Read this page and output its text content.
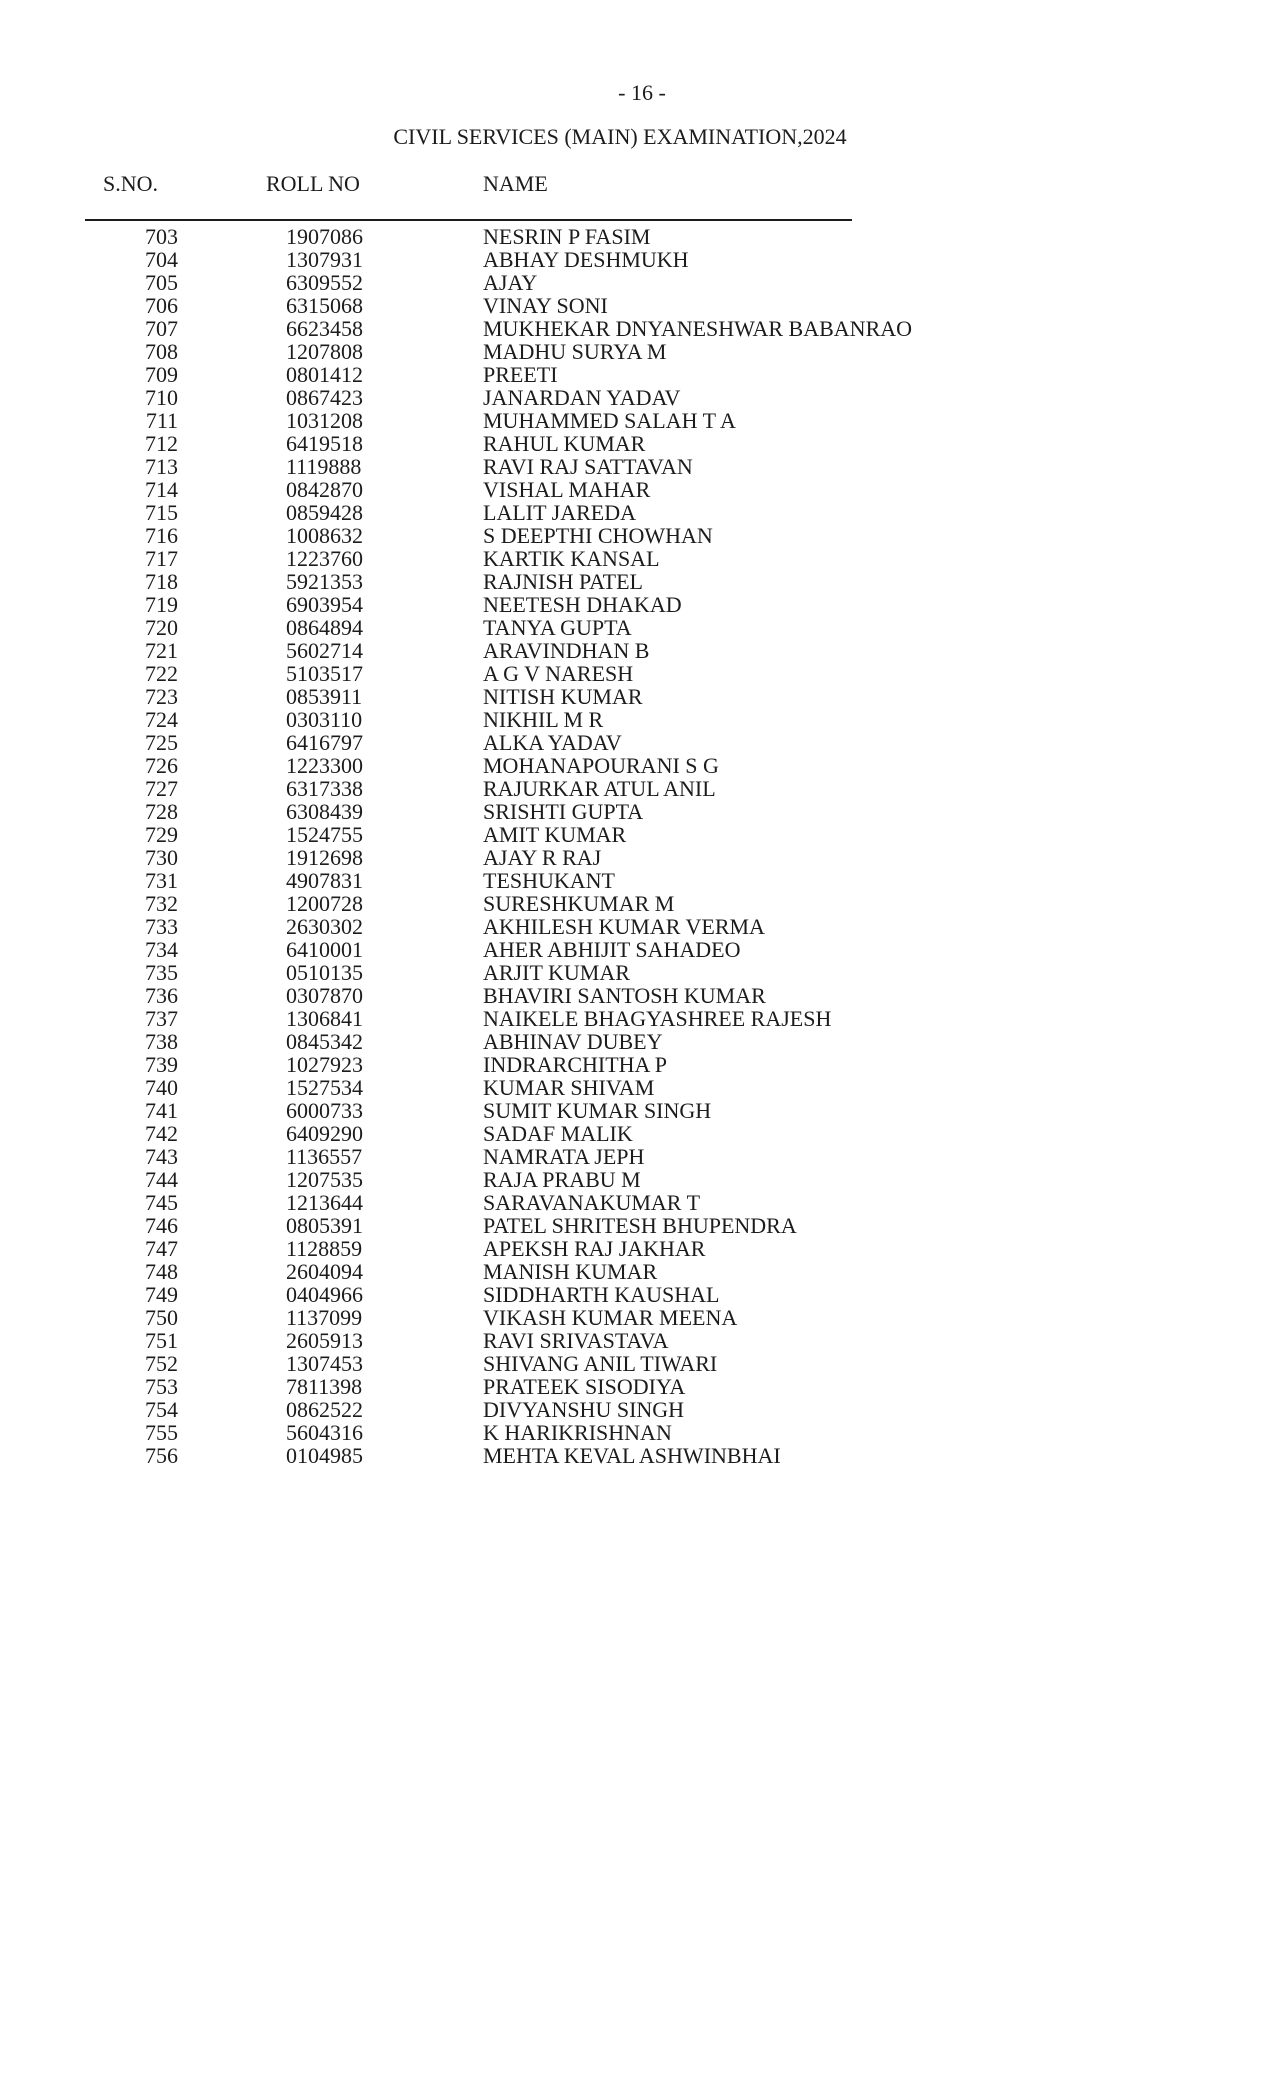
- 16 -
CIVIL SERVICES (MAIN) EXAMINATION,2024
S.NO.	ROLL NO	NAME
703	1907086	NESRIN P FASIM
704	1307931	ABHAY DESHMUKH
705	6309552	AJAY
706	6315068	VINAY SONI
707	6623458	MUKHEKAR DNYANESHWAR BABANRAO
708	1207808	MADHU SURYA M
709	0801412	PREETI
710	0867423	JANARDAN YADAV
711	1031208	MUHAMMED SALAH T A
712	6419518	RAHUL KUMAR
713	1119888	RAVI RAJ SATTAVAN
714	0842870	VISHAL MAHAR
715	0859428	LALIT JAREDA
716	1008632	S DEEPTHI CHOWHAN
717	1223760	KARTIK KANSAL
718	5921353	RAJNISH PATEL
719	6903954	NEETESH DHAKAD
720	0864894	TANYA GUPTA
721	5602714	ARAVINDHAN B
722	5103517	A G V NARESH
723	0853911	NITISH KUMAR
724	0303110	NIKHIL M R
725	6416797	ALKA YADAV
726	1223300	MOHANAPOURANI S G
727	6317338	RAJURKAR ATUL ANIL
728	6308439	SRISHTI GUPTA
729	1524755	AMIT KUMAR
730	1912698	AJAY R RAJ
731	4907831	TESHUKANT
732	1200728	SURESHKUMAR M
733	2630302	AKHILESH KUMAR VERMA
734	6410001	AHER ABHIJIT SAHADEO
735	0510135	ARJIT KUMAR
736	0307870	BHAVIRI SANTOSH KUMAR
737	1306841	NAIKELE BHAGYASHREE RAJESH
738	0845342	ABHINAV DUBEY
739	1027923	INDRARCHITHA P
740	1527534	KUMAR SHIVAM
741	6000733	SUMIT KUMAR SINGH
742	6409290	SADAF MALIK
743	1136557	NAMRATA JEPH
744	1207535	RAJA PRABU M
745	1213644	SARAVANAKUMAR T
746	0805391	PATEL SHRITESH BHUPENDRA
747	1128859	APEKSH RAJ JAKHAR
748	2604094	MANISH KUMAR
749	0404966	SIDDHARTH KAUSHAL
750	1137099	VIKASH KUMAR MEENA
751	2605913	RAVI SRIVASTAVA
752	1307453	SHIVANG ANIL TIWARI
753	7811398	PRATEEK SISODIYA
754	0862522	DIVYANSHU SINGH
755	5604316	K HARIKRISHNAN
756	0104985	MEHTA KEVAL ASHWINBHAI
